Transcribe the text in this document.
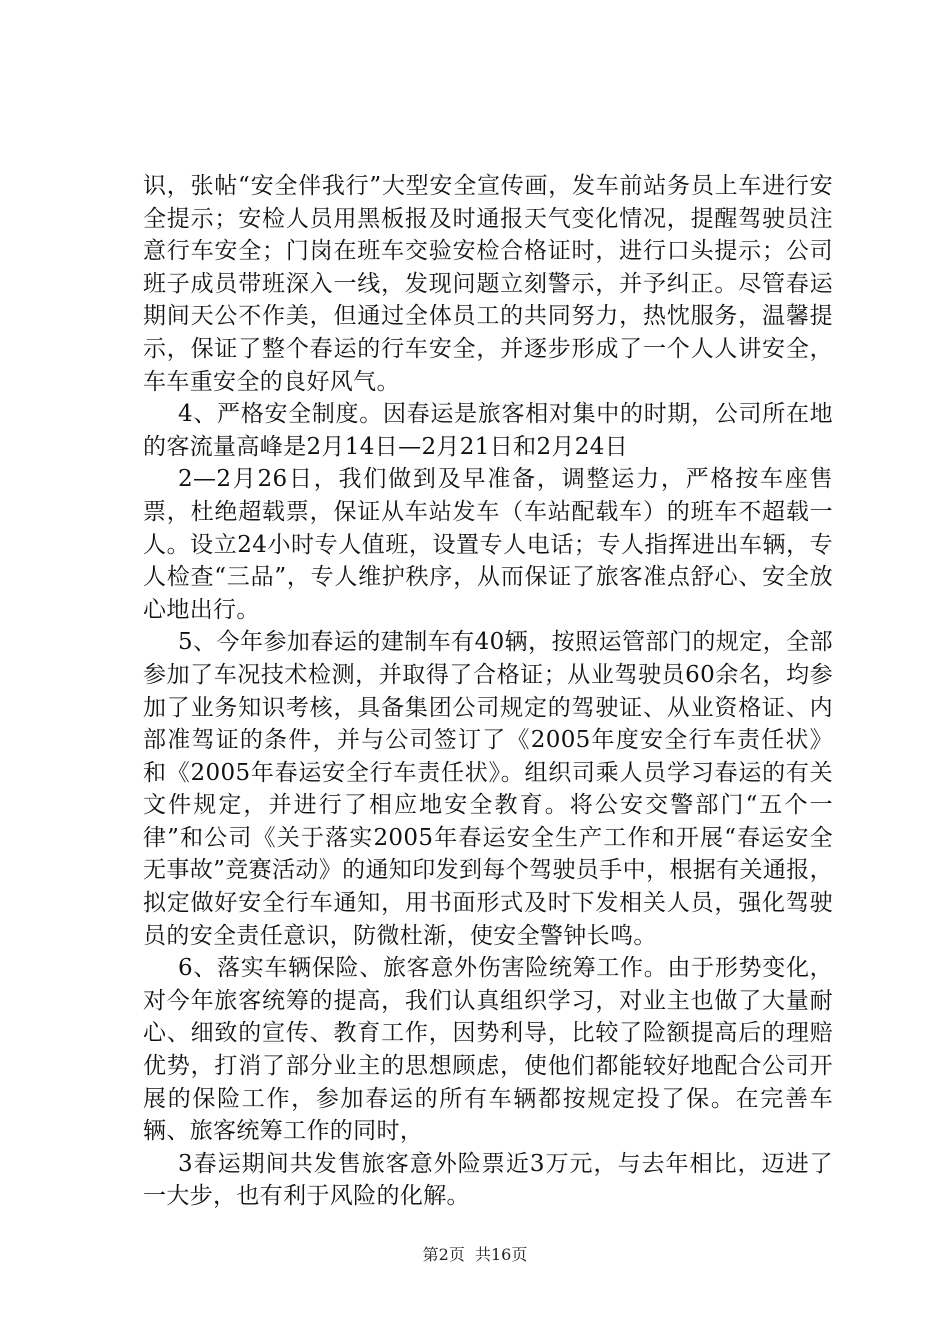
识，张帖“安全伴我行”大型安全宣传画，发车前站务员上车进行安全提示；安检人员用黑板报及时通报天气变化情况，提醒驾驶员注意行车安全；门岗在班车交验安检合格证时，进行口头提示；公司班子成员带班深入一线，发现问题立刻警示，并予纠正。尽管春运期间天公不作美，但通过全体员工的共同努力，热忱服务，温馨提示，保证了整个春运的行车安全，并逐步形成了一个人人讲安全，车车重安全的良好风气。

4、严格安全制度。因春运是旅客相对集中的时期，公司所在地的客流量高峰是2月14日—2月21日和2月24日

2—2月26日，我们做到及早准备，调整运力，严格按车座售票，杜绝超载票，保证从车站发车（车站配载车）的班车不超载一人。设立24小时专人值班，设置专人电话；专人指挥进出车辆，专人检查“三品”，专人维护秩序，从而保证了旅客准点舒心、安全放心地出行。

5、今年参加春运的建制车有40辆，按照运管部门的规定，全部参加了车况技术检测，并取得了合格证；从业驾驶员60余名，均参加了业务知识考核，具备集团公司规定的驾驶证、从业资格证、内部准驾证的条件，并与公司签订了《2005年度安全行车责任状》和《2005年春运安全行车责任状》。组织司乘人员学习春运的有关文件规定，并进行了相应地安全教育。将公安交警部门“五个一律”和公司《关于落实2005年春运安全生产工作和开展“春运安全无事故”竞赛活动》的通知印发到每个驾驶员手中，根据有关通报，拟定做好安全行车通知，用书面形式及时下发相关人员，强化驾驶员的安全责任意识，防微杜渐，使安全警钟长鸣。

6、落实车辆保险、旅客意外伤害险统筹工作。由于形势变化，对今年旅客统筹的提高，我们认真组织学习，对业主也做了大量耐心、细致的宣传、教育工作，因势利导，比较了险额提高后的理赔优势，打消了部分业主的思想顾虑，使他们都能较好地配合公司开展的保险工作，参加春运的所有车辆都按规定投了保。在完善车辆、旅客统筹工作的同时，

3春运期间共发售旅客意外险票近3万元，与去年相比，迈进了一大步，也有利于风险的化解。

第2页  共16页
